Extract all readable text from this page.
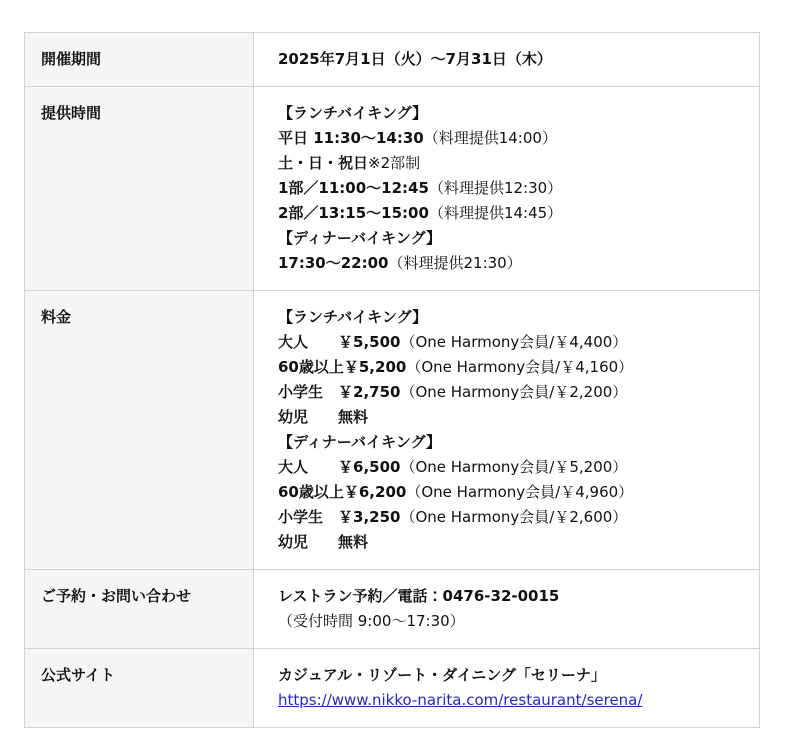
開催期間	2025年7月1日（火）～7月31日（木）

提供時間	【ランチバイキング】
平日 11:30～14:30（料理提供14:00）
土・日・祝日※2部制
1部／11:00～12:45（料理提供12:30）
2部／13:15～15:00（料理提供14:45）
【ディナーバイキング】
17:30～22:00（料理提供21:30）

料金	【ランチバイキング】
大人　　￥5,500（One Harmony会員/￥4,400）
60歳以上￥5,200（One Harmony会員/￥4,160）
小学生　￥2,750（One Harmony会員/￥2,200）
幼児　　無料
【ディナーバイキング】
大人　　￥6,500（One Harmony会員/￥5,200）
60歳以上￥6,200（One Harmony会員/￥4,960）
小学生　￥3,250（One Harmony会員/￥2,600）
幼児　　無料

ご予約・お問い合わせ	レストラン予約／電話：0476-32-0015
（受付時間 9:00～17:30）

公式サイト	カジュアル・リゾート・ダイニング「セリーナ」
https://www.nikko-narita.com/restaurant/serena/
